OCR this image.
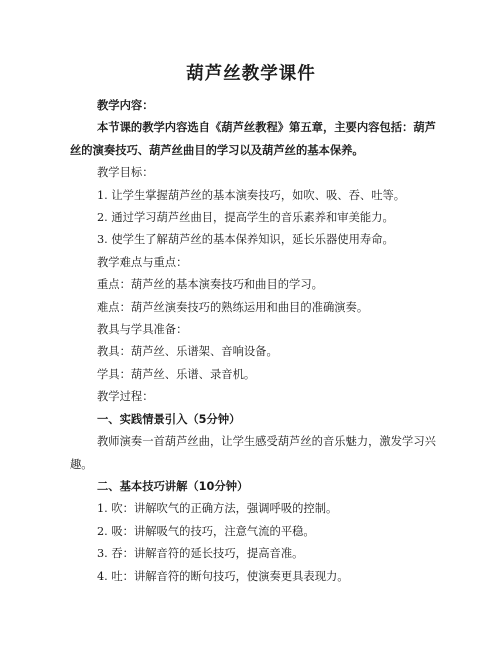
葫芦丝教学课件

教学内容：

本节课的教学内容选自《葫芦丝教程》第五章，主要内容包括：葫芦丝的演奏技巧、葫芦丝曲目的学习以及葫芦丝的基本保养。

教学目标：

1. 让学生掌握葫芦丝的基本演奏技巧，如吹、吸、吞、吐等。

2. 通过学习葫芦丝曲目，提高学生的音乐素养和审美能力。

3. 使学生了解葫芦丝的基本保养知识，延长乐器使用寿命。

教学难点与重点：

重点：葫芦丝的基本演奏技巧和曲目的学习。

难点：葫芦丝演奏技巧的熟练运用和曲目的准确演奏。

教具与学具准备：

教具：葫芦丝、乐谱架、音响设备。

学具：葫芦丝、乐谱、录音机。

教学过程：

一、实践情景引入（5分钟）

教师演奏一首葫芦丝曲，让学生感受葫芦丝的音乐魅力，激发学习兴趣。

二、基本技巧讲解（10分钟）

1. 吹：讲解吹气的正确方法，强调呼吸的控制。

2. 吸：讲解吸气的技巧，注意气流的平稳。

3. 吞：讲解音符的延长技巧，提高音准。

4. 吐：讲解音符的断句技巧，使演奏更具表现力。
